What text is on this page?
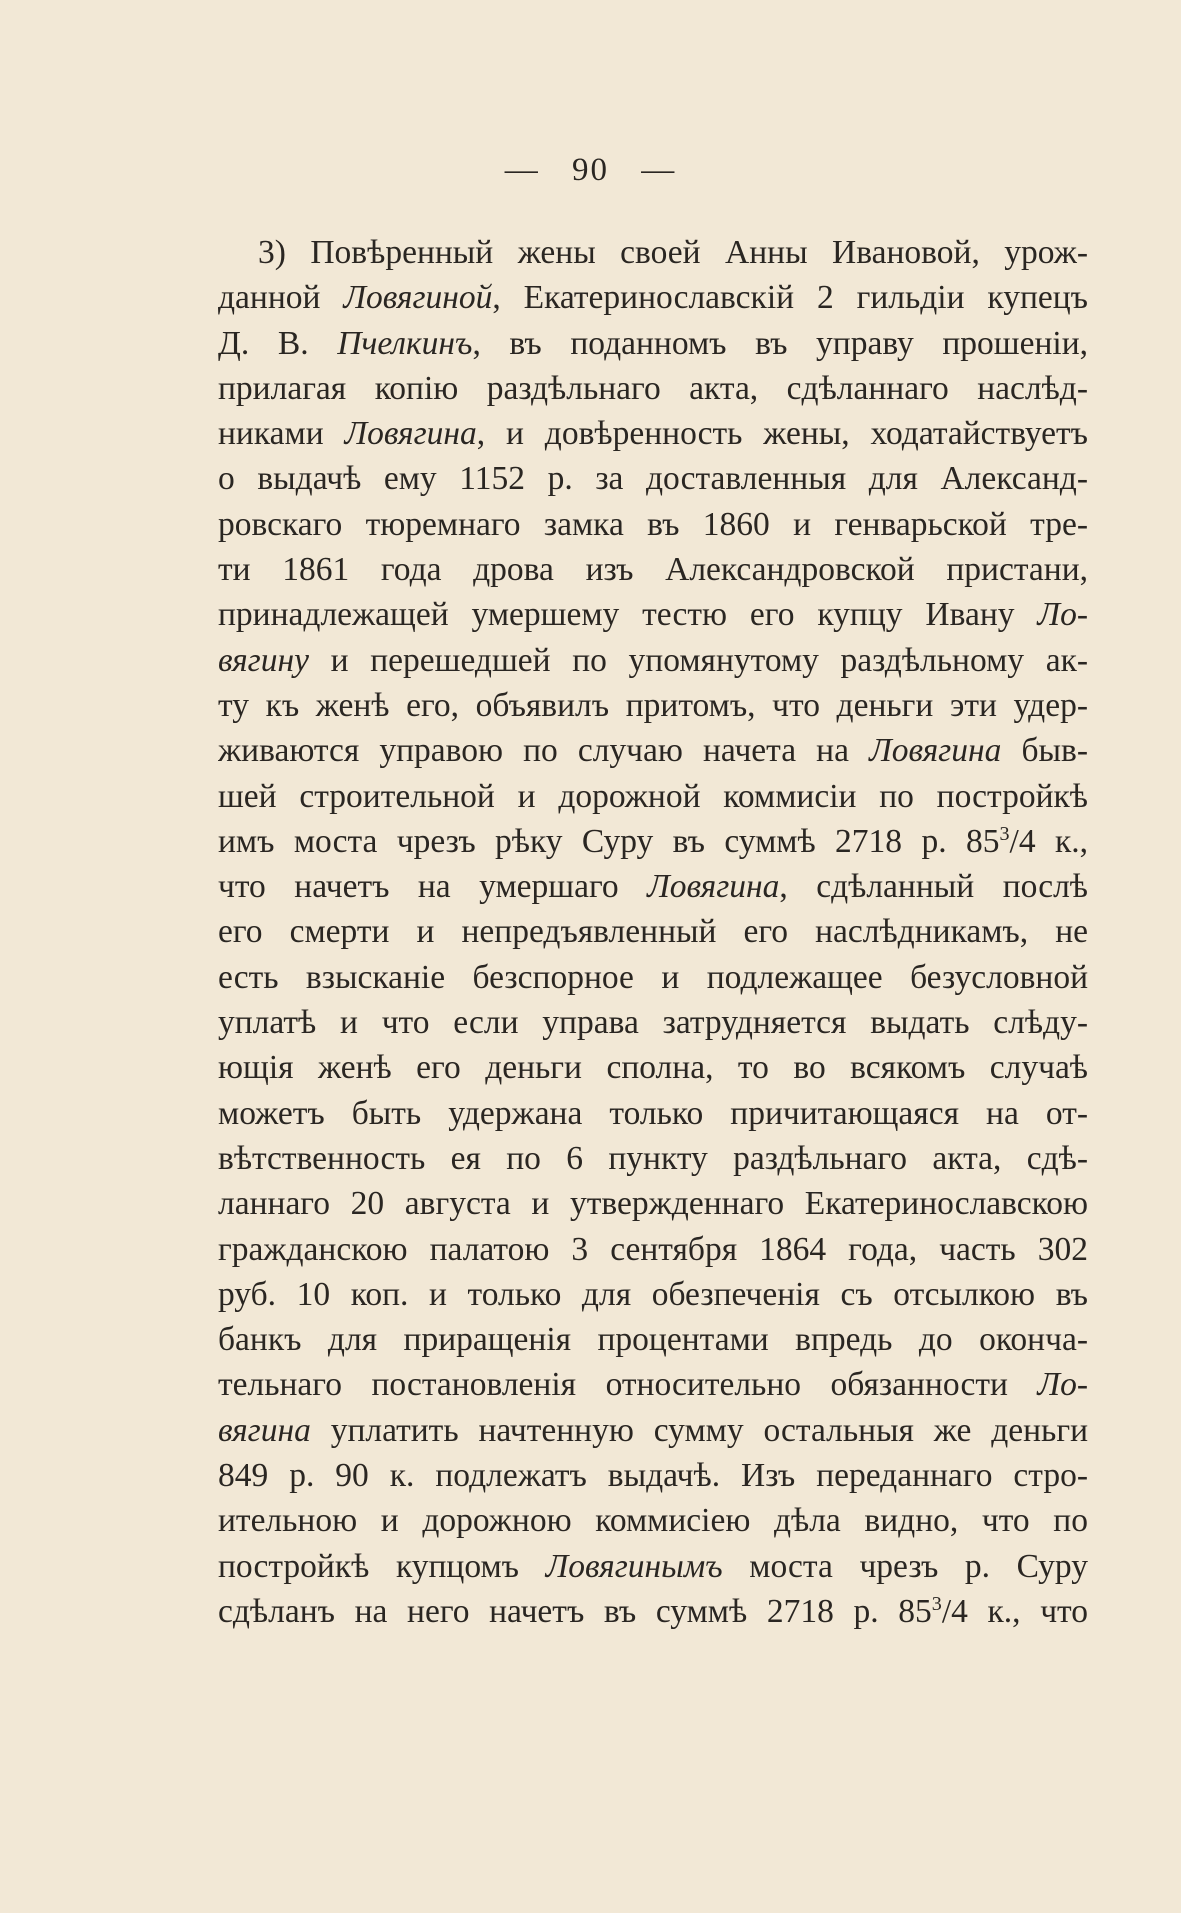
— 90 —
3) Повѣренный жены своей Анны Ивановой, урож-
данной Ловягиной, Екатеринославскій 2 гильдіи купецъ
Д. В. Пчелкинъ, въ поданномъ въ управу прошеніи,
прилагая копію раздѣльнаго акта, сдѣланнаго наслѣд-
никами Ловягина, и довѣренность жены, ходатайствуетъ
о выдачѣ ему 1152 р. за доставленныя для Александ-
ровскаго тюремнаго замка въ 1860 и генварьской тре-
ти 1861 года дрова изъ Александровской пристани,
принадлежащей умершему тестю его купцу Ивану Ло-
вягину и перешедшей по упомянутому раздѣльному ак-
ту къ женѣ его, объявилъ притомъ, что деньги эти удер-
живаются управою по случаю начета на Ловягина быв-
шей строительной и дорожной коммисіи по постройкѣ
имъ моста чрезъ рѣку Суру въ суммѣ 2718 р. $85^3/4$ к.,
что начетъ на умершаго Ловягина, сдѣланный послѣ
его смерти и непредъявленный его наслѣдникамъ, не
есть взысканіе безспорное и подлежащее безусловной
уплатѣ и что если управа затрудняется выдать слѣду-
ющія женѣ его деньги сполна, то во всякомъ случаѣ
можетъ быть удержана только причитающаяся на от-
вѣтственность ея по 6 пункту раздѣльнаго акта, сдѣ-
ланнаго 20 августа и утвержденнаго Екатеринославскою
гражданскою палатою 3 сентября 1864 года, часть 302
руб. 10 коп. и только для обезпеченія съ отсылкою въ
банкъ для приращенія процентами впредь до оконча-
тельнаго постановленія относительно обязанности Ло-
вягина уплатить начтенную сумму остальныя же деньги
849 р. 90 к. подлежатъ выдачѣ. Изъ переданнаго стро-
ительною и дорожною коммисіею дѣла видно, что по
постройкѣ купцомъ Ловягинымъ моста чрезъ р. Суру
сдѣланъ на него начетъ въ суммѣ 2718 р. $85^3/4$ к., что
